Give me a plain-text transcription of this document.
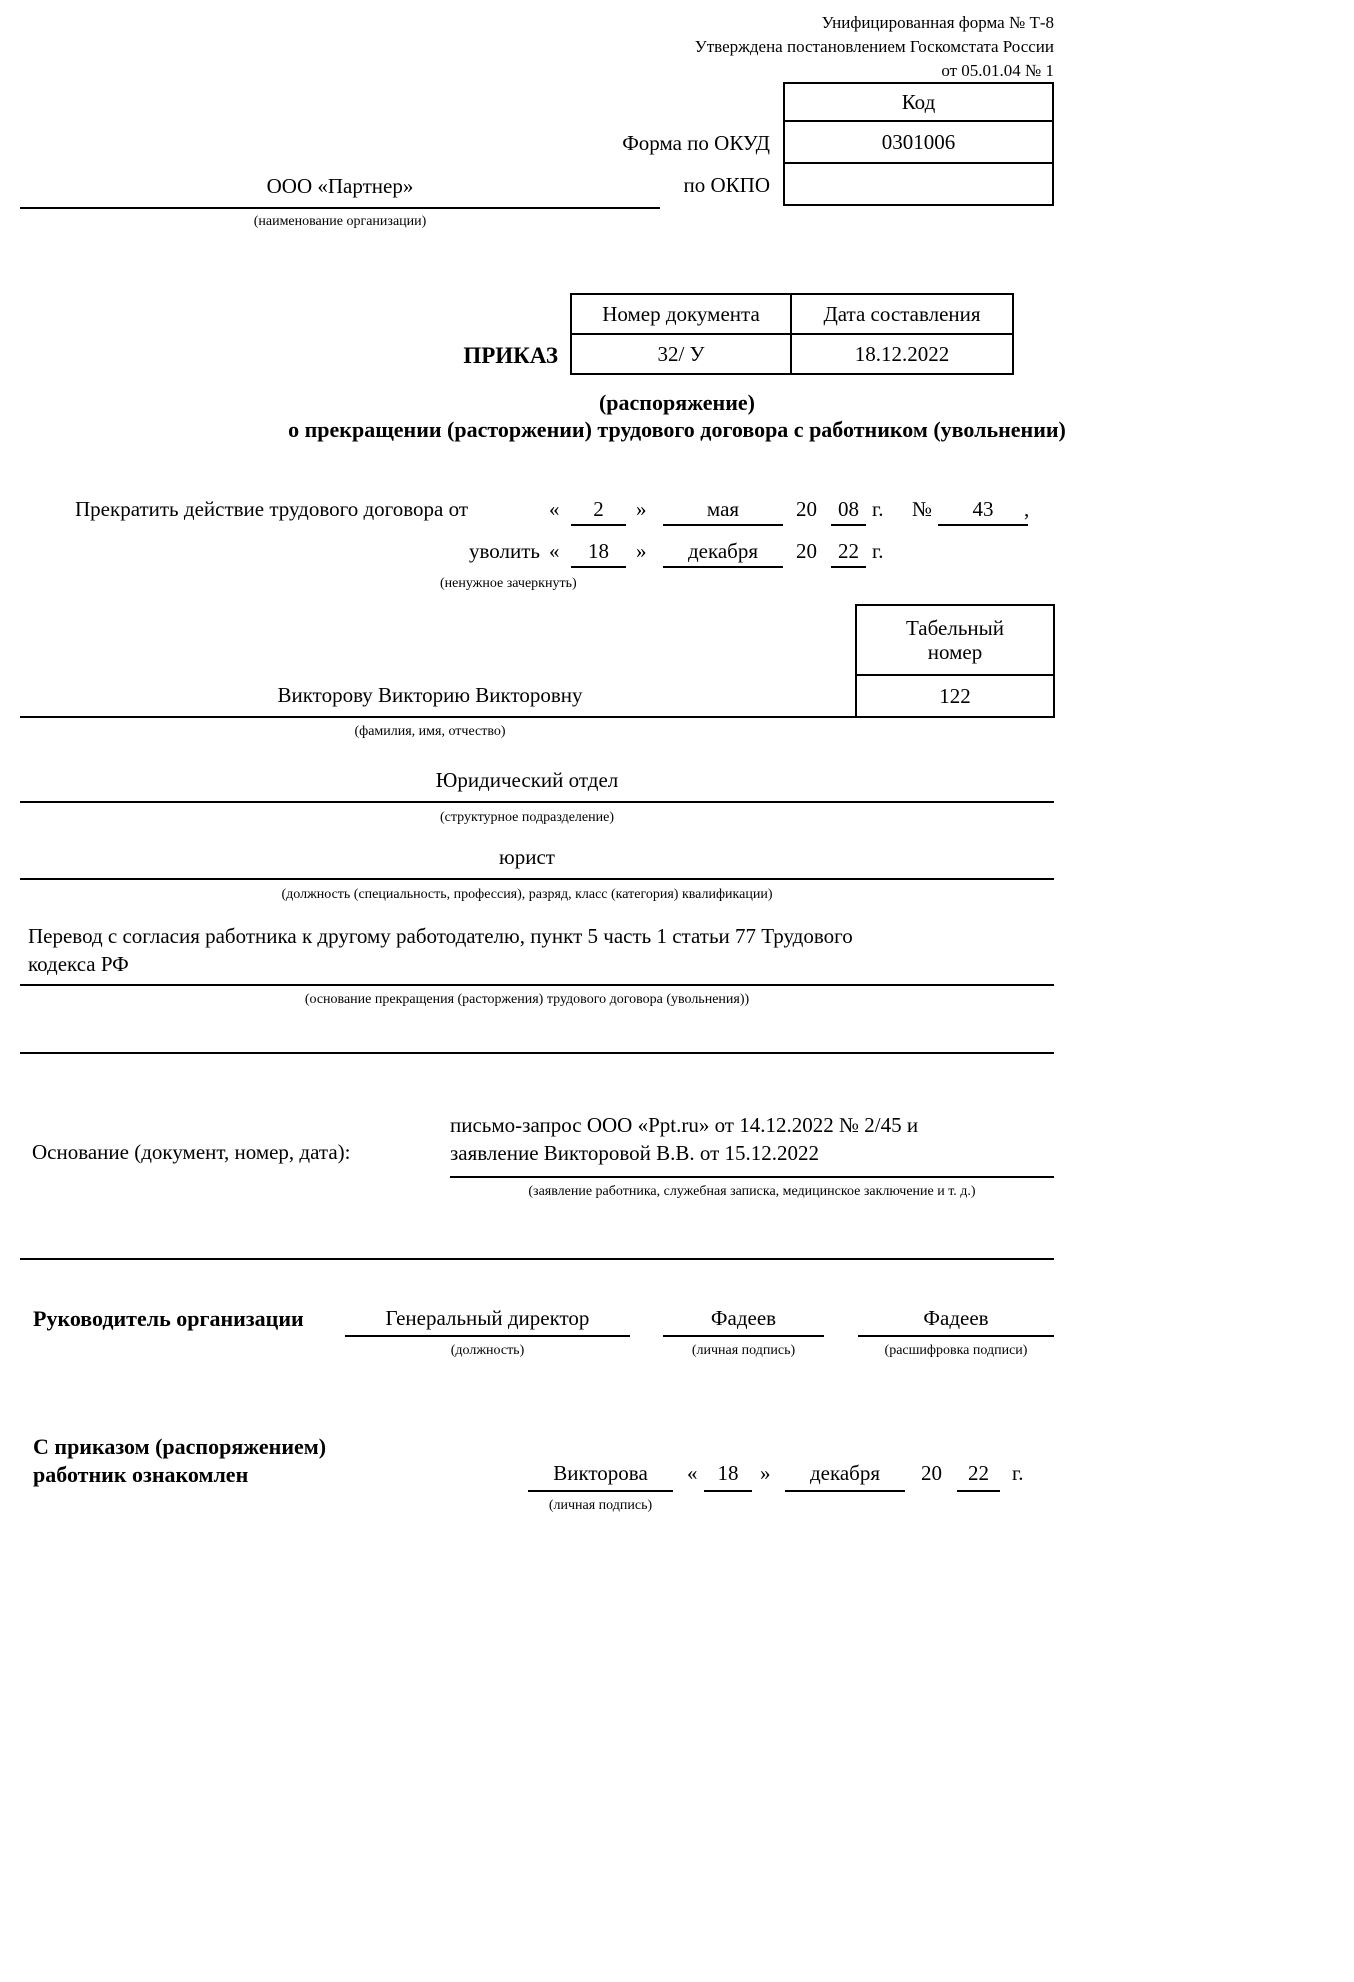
Унифицированная форма № Т-8
Утверждена постановлением Госкомстата России
от 05.01.04 № 1
Код
0301006
Форма по ОКУД
по ОКПО
ООО «Партнер»
(наименование организации)
Номер документа	Дата составления
32/ У	18.12.2022
ПРИКАЗ
(распоряжение)
о прекращении (расторжении) трудового договора с работником (увольнении)
Прекратить действие трудового договора от	«	2	»	мая	20	08 г. №	43	,
уволить «	18	»	декабря	20	22 г.
(ненужное зачеркнуть)
Табельный
номер
122
Викторову Викторию Викторовну
(фамилия, имя, отчество)
Юридический отдел
(структурное подразделение)
юрист
(должность (специальность, профессия), разряд, класс (категория) квалификации)
Перевод с согласия работника к другому работодателю, пункт 5 часть 1 статьи 77 Трудового
кодекса РФ
(основание прекращения (расторжения) трудового договора (увольнения))
Основание (документ, номер, дата):
письмо-запрос ООО «Ppt.ru» от 14.12.2022 № 2/45 и
заявление Викторовой В.В. от 15.12.2022
(заявление работника, служебная записка, медицинское заключение и т. д.)
Руководитель организации	Генеральный директор
(должность)
Фадеев
(личная подпись)
Фадеев
(расшифровка подписи)
С приказом (распоряжением)
работник ознакомлен	Викторова
(личная подпись)
« 18	»	декабря	20	22	г.
